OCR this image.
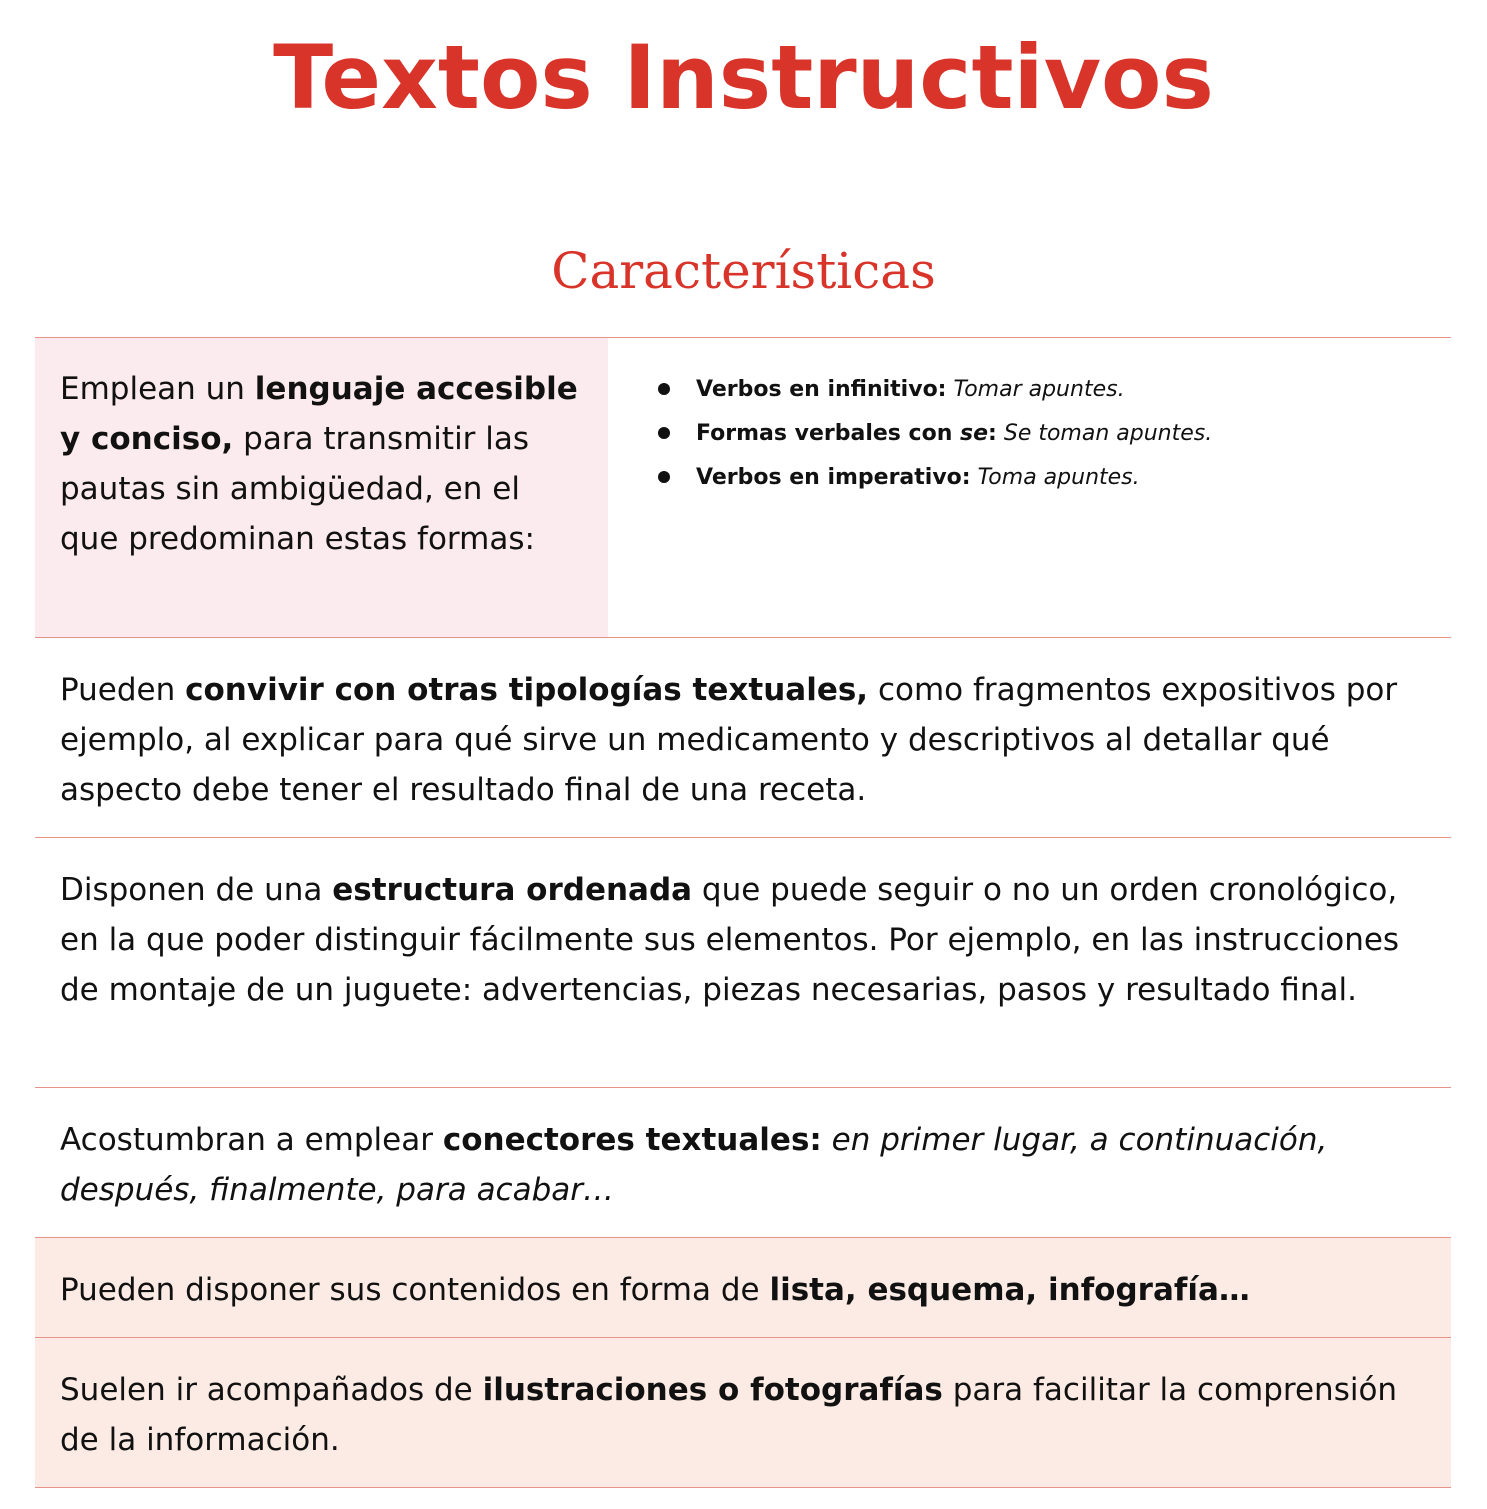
Textos Instructivos
Características

Emplean un lenguaje accesible y conciso, para transmitir las pautas sin ambigüedad, en el que predominan estas formas:

Verbos en infinitivo: Tomar apuntes.
Formas verbales con se: Se toman apuntes.
Verbos en imperativo: Toma apuntes.

Pueden convivir con otras tipologías textuales, como fragmentos expositivos por ejemplo, al explicar para qué sirve un medicamento y descriptivos al detallar qué aspecto debe tener el resultado final de una receta.

Disponen de una estructura ordenada que puede seguir o no un orden cronológico, en la que poder distinguir fácilmente sus elementos. Por ejemplo, en las instrucciones de montaje de un juguete: advertencias, piezas necesarias, pasos y resultado final.

Acostumbran a emplear conectores textuales: en primer lugar, a continuación, después, finalmente, para acabar…

Pueden disponer sus contenidos en forma de lista, esquema, infografía…

Suelen ir acompañados de ilustraciones o fotografías para facilitar la comprensión de la información.
